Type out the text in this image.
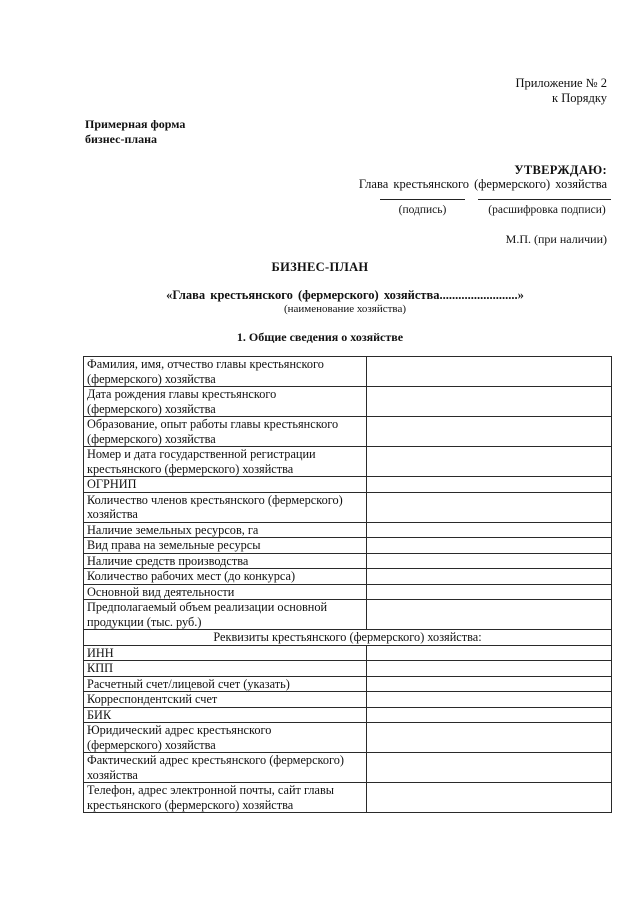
Приложение № 2
к Порядку
Примерная форма
бизнес-плана
УТВЕРЖДАЮ:
Глава крестьянского (фермерского) хозяйства
(подпись)	(расшифровка подписи)
М.П. (при наличии)
БИЗНЕС-ПЛАН
«Глава крестьянского (фермерского) хозяйства.........................»
(наименование хозяйства)
1. Общие сведения о хозяйстве
Фамилия, имя, отчество главы крестьянского
(фермерского) хозяйства	

Дата рождения главы крестьянского
(фермерского) хозяйства	

Образование, опыт работы главы крестьянского
(фермерского) хозяйства	

Номер и дата государственной регистрации
крестьянского (фермерского) хозяйства	

ОГРНИП	

Количество членов крестьянского (фермерского)
хозяйства	

Наличие земельных ресурсов, га	

Вид права на земельные ресурсы	

Наличие средств производства	

Количество рабочих мест (до конкурса)	

Основной вид деятельности	

Предполагаемый объем реализации основной
продукции (тыс. руб.)	

Реквизиты крестьянского (фермерского) хозяйства:	

ИНН	

КПП	

Расчетный счет/лицевой счет (указать)	

Корреспондентский счет	

БИК	

Юридический адрес крестьянского
(фермерского) хозяйства	

Фактический адрес крестьянского (фермерского)
хозяйства	

Телефон, адрес электронной почты, сайт главы
крестьянского (фермерского) хозяйства	
